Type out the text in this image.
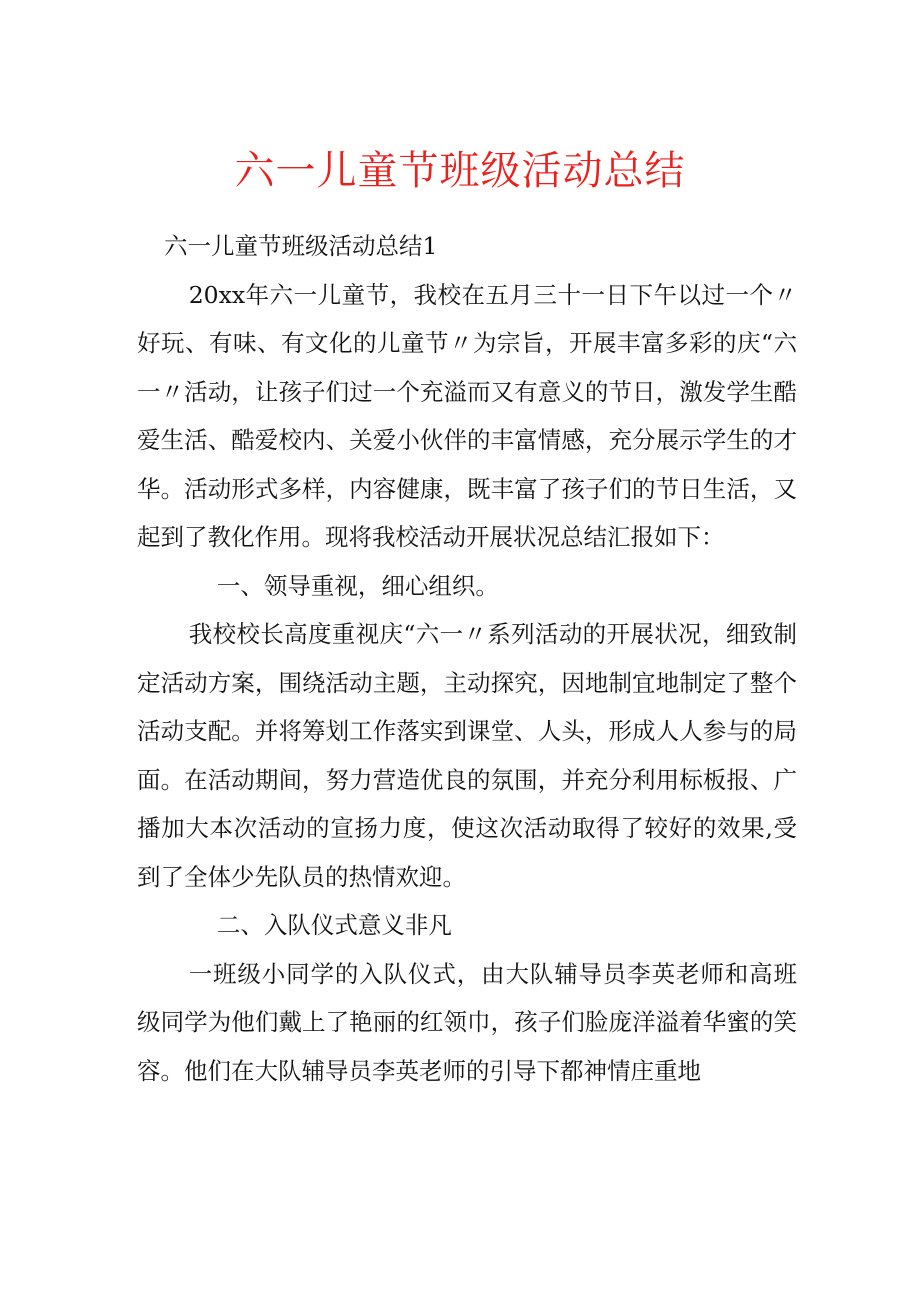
六一儿童节班级活动总结

六一儿童节班级活动总结1

20xx年六一儿童节，我校在五月三十一日下午以过一个〃好玩、有味、有文化的儿童节〃为宗旨，开展丰富多彩的庆“六一〃活动，让孩子们过一个充溢而又有意义的节日，激发学生酷爱生活、酷爱校内、关爱小伙伴的丰富情感，充分展示学生的才华。活动形式多样，内容健康，既丰富了孩子们的节日生活，又起到了教化作用。现将我校活动开展状况总结汇报如下：

一、领导重视，细心组织。

我校校长高度重视庆“六一〃系列活动的开展状况，细致制定活动方案，围绕活动主题，主动探究，因地制宜地制定了整个活动支配。并将筹划工作落实到课堂、人头，形成人人参与的局面。在活动期间，努力营造优良的氛围，并充分利用标板报、广播加大本次活动的宣扬力度，使这次活动取得了较好的效果,受到了全体少先队员的热情欢迎。

二、入队仪式意义非凡

一班级小同学的入队仪式，由大队辅导员李英老师和高班级同学为他们戴上了艳丽的红领巾，孩子们脸庞洋溢着华蜜的笑容。他们在大队辅导员李英老师的引导下都神情庄重地
